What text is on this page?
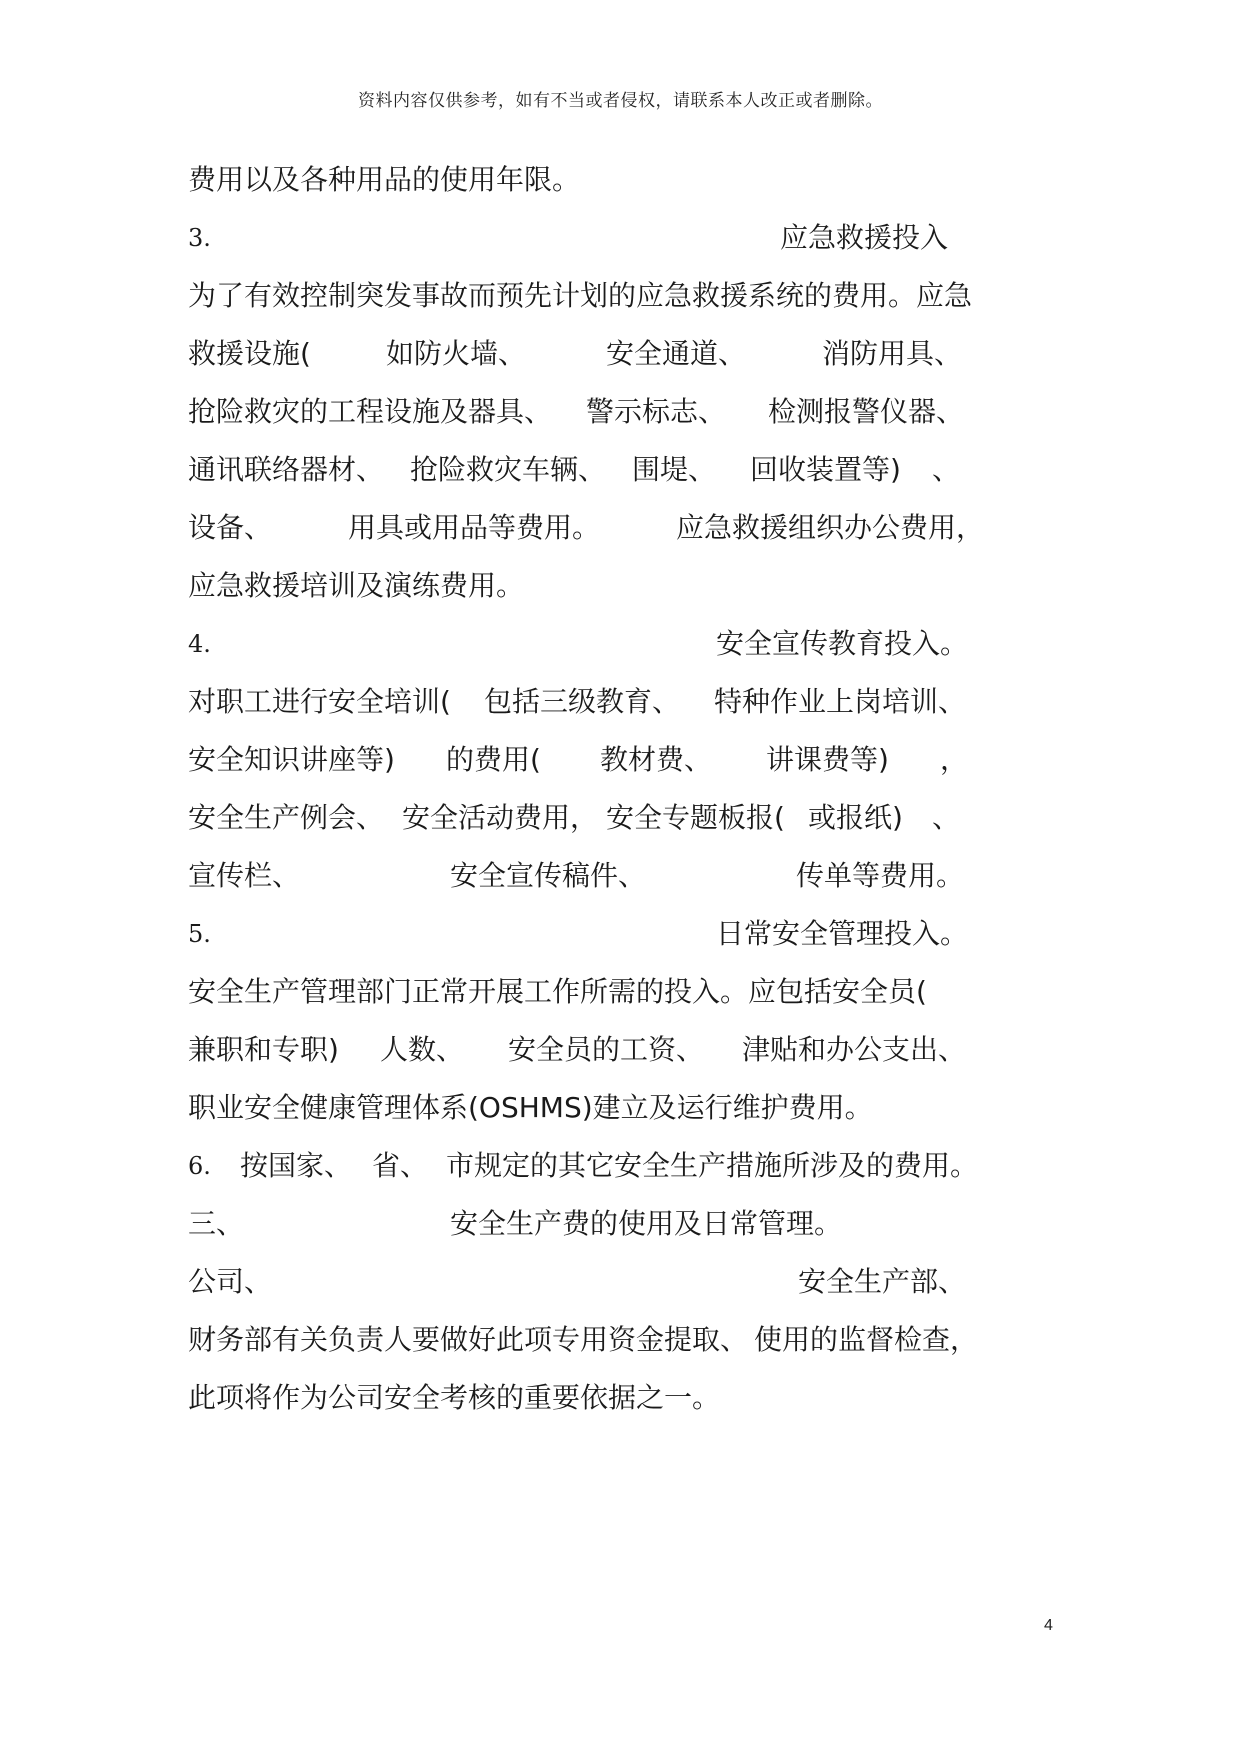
资料内容仅供参考，如有不当或者侵权，请联系本人改正或者删除。
费用以及各种用品的使用年限。
3.	应急救援投入
为了有效控制突发事故而预先计划的应急救援系统的费用。应急
救援设施(	如防火墙、	安全通道、	消防用具、
抢险救灾的工程设施及器具、 警示标志、 检测报警仪器、
通讯联络器材、 抢险救灾车辆、 围堤、 回收装置等) 、
设备、	用具或用品等费用。	应急救援组织办公费用，
应急救援培训及演练费用。
4.	安全宣传教育投入。
对职工进行安全培训( 包括三级教育、 特种作业上岗培训、
安全知识讲座等) 的费用( 教材费、 讲课费等) ，
安全生产例会、 安全活动费用， 安全专题板报( 或报纸) 、
宣传栏、	安全宣传稿件、	传单等费用。
5.	日常安全管理投入。
安全生产管理部门正常开展工作所需的投入。应包括安全员(
兼职和专职) 人数、 安全员的工资、 津贴和办公支出、
职业安全健康管理体系(OSHMS)建立及运行维护费用。
6. 按国家、 省、 市规定的其它安全生产措施所涉及的费用。
三、	安全生产费的使用及日常管理。
公司、	安全生产部、
财务部有关负责人要做好此项专用资金提取、 使用的监督检查，
此项将作为公司安全考核的重要依据之一。
4
